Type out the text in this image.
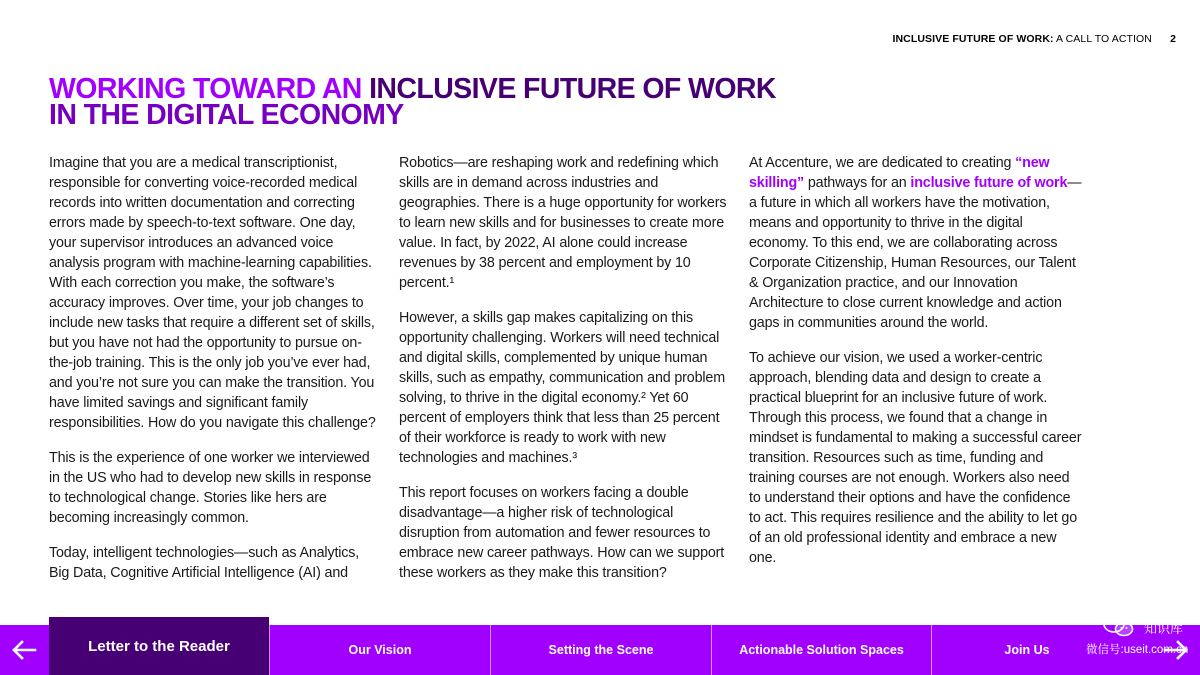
INCLUSIVE FUTURE OF WORK: A CALL TO ACTION 2
WORKING TOWARD AN INCLUSIVE FUTURE OF WORK
IN THE DIGITAL ECONOMY

Imagine that you are a medical transcriptionist, responsible for converting voice-recorded medical records into written documentation and correcting errors made by speech-to-text software. One day, your supervisor introduces an advanced voice analysis program with machine-learning capabilities. With each correction you make, the software’s accuracy improves. Over time, your job changes to include new tasks that require a different set of skills, but you have not had the opportunity to pursue on-the-job training. This is the only job you’ve ever had, and you’re not sure you can make the transition. You have limited savings and significant family responsibilities. How do you navigate this challenge?

This is the experience of one worker we interviewed in the US who had to develop new skills in response to technological change. Stories like hers are becoming increasingly common.

Today, intelligent technologies—such as Analytics, Big Data, Cognitive Artificial Intelligence (AI) and

Robotics—are reshaping work and redefining which skills are in demand across industries and geographies. There is a huge opportunity for workers to learn new skills and for businesses to create more value. In fact, by 2022, AI alone could increase revenues by 38 percent and employment by 10 percent.¹

However, a skills gap makes capitalizing on this opportunity challenging. Workers will need technical and digital skills, complemented by unique human skills, such as empathy, communication and problem solving, to thrive in the digital economy.² Yet 60 percent of employers think that less than 25 percent of their workforce is ready to work with new technologies and machines.³

This report focuses on workers facing a double disadvantage—a higher risk of technological disruption from automation and fewer resources to embrace new career pathways. How can we support these workers as they make this transition?

At Accenture, we are dedicated to creating “new skilling” pathways for an inclusive future of work—a future in which all workers have the motivation, means and opportunity to thrive in the digital economy. To this end, we are collaborating across Corporate Citizenship, Human Resources, our Talent & Organization practice, and our Innovation Architecture to close current knowledge and action gaps in communities around the world.

To achieve our vision, we used a worker-centric approach, blending data and design to create a practical blueprint for an inclusive future of work. Through this process, we found that a change in mindset is fundamental to making a successful career transition. Resources such as time, funding and training courses are not enough. Workers also need to understand their options and have the confidence to act. This requires resilience and the ability to let go of an old professional identity and embrace a new one.

Letter to the Reader	Our Vision	Setting the Scene	Actionable Solution Spaces	Join Us
知识库
微信号:useit.com.cn
